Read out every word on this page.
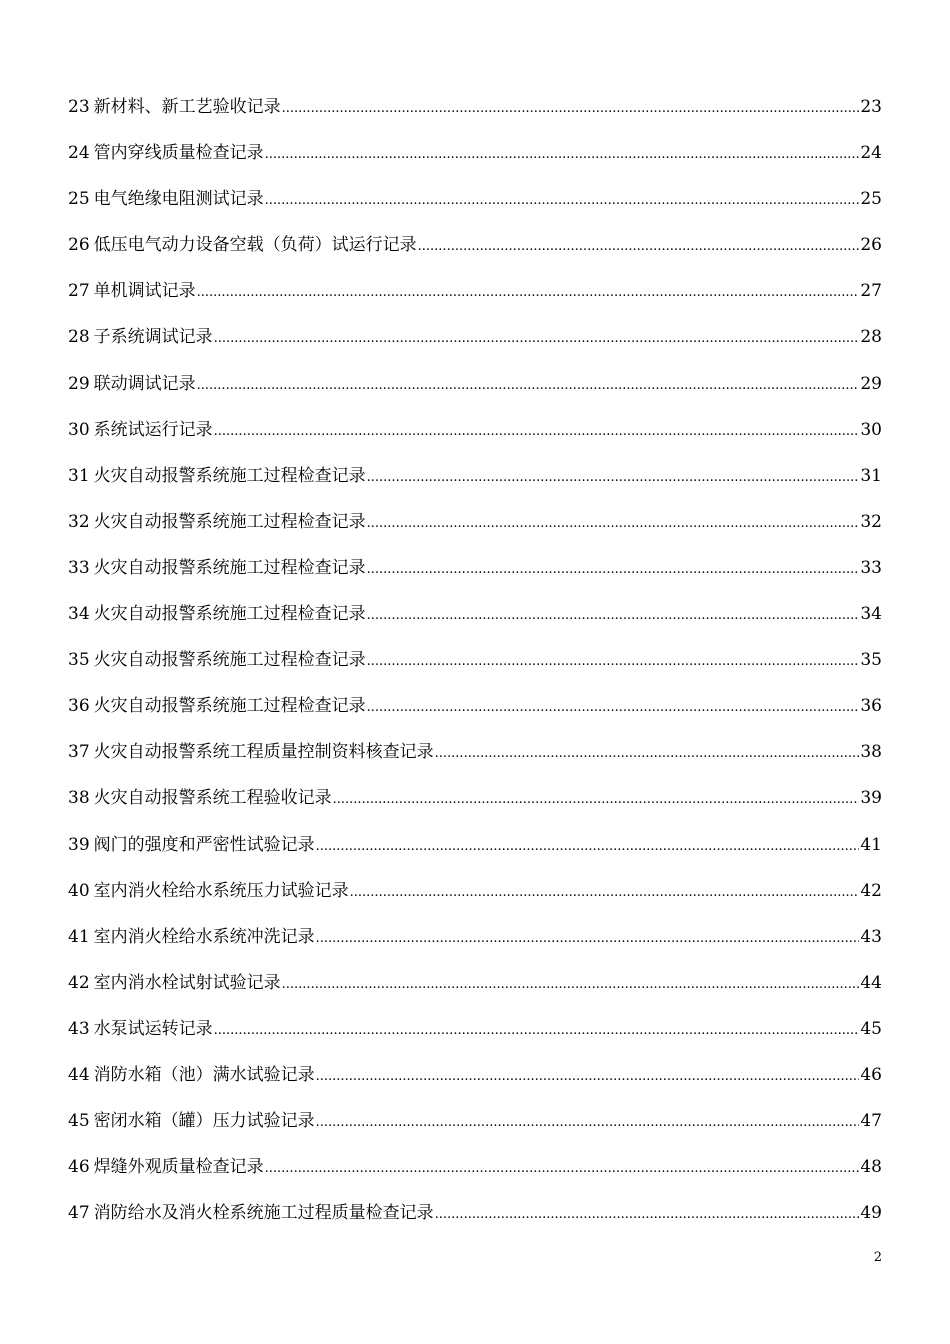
23 新材料、新工艺验收记录 .....	23
24 管内穿线质量检查记录 .....	24
25 电气绝缘电阻测试记录 .....	25
26 低压电气动力设备空载（负荷）试运行记录 .....	26
27 单机调试记录 .....	27
28 子系统调试记录 .....	28
29 联动调试记录 .....	29
30 系统试运行记录 .....	30
31 火灾自动报警系统施工过程检查记录 .....	31
32 火灾自动报警系统施工过程检查记录 .....	32
33 火灾自动报警系统施工过程检查记录 .....	33
34 火灾自动报警系统施工过程检查记录 .....	34
35 火灾自动报警系统施工过程检查记录 .....	35
36 火灾自动报警系统施工过程检查记录 .....	36
37 火灾自动报警系统工程质量控制资料核查记录 .....	38
38 火灾自动报警系统工程验收记录 .....	39
39 阀门的强度和严密性试验记录 .....	41
40 室内消火栓给水系统压力试验记录 .....	42
41 室内消火栓给水系统冲洗记录 .....	43
42 室内消水栓试射试验记录 .....	44
43 水泵试运转记录 .....	45
44 消防水箱（池）满水试验记录 .....	46
45 密闭水箱（罐）压力试验记录 .....	47
46 焊缝外观质量检查记录 .....	48
47 消防给水及消火栓系统施工过程质量检查记录 .....	49
2
